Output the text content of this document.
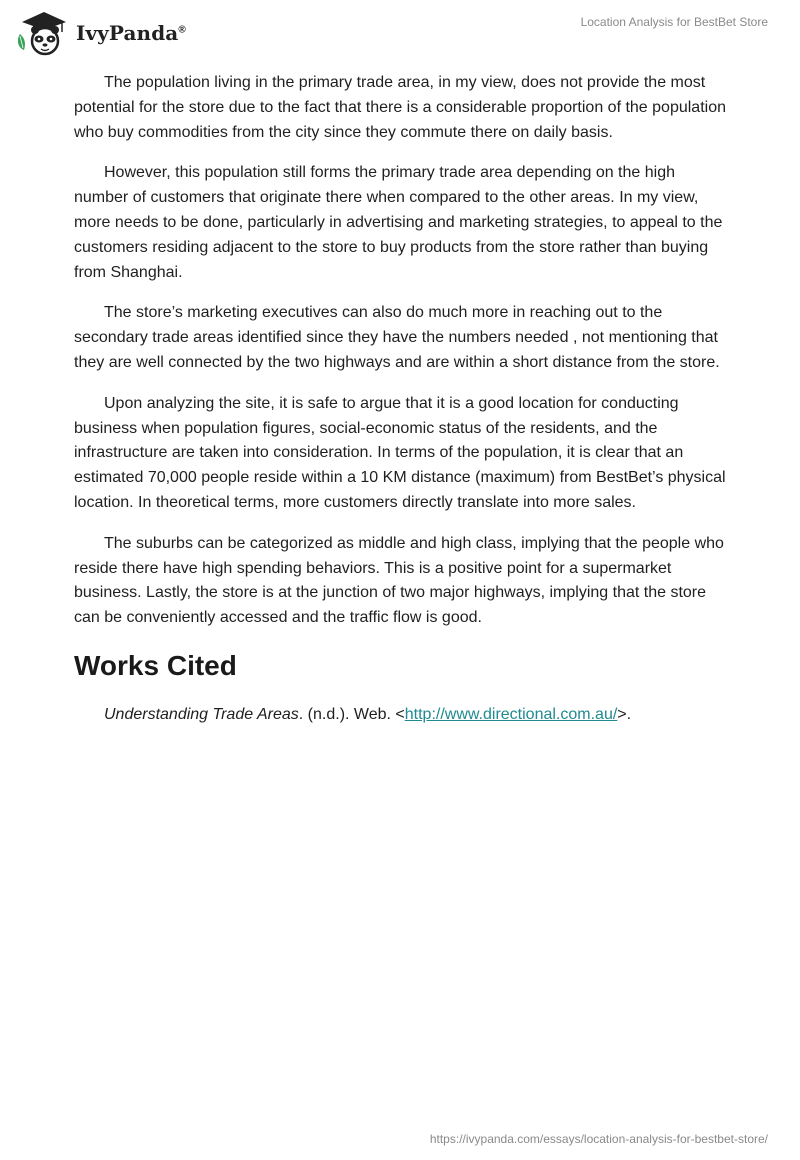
IvyPanda®
Location Analysis for BestBet Store

The population living in the primary trade area, in my view, does not provide the most potential for the store due to the fact that there is a considerable proportion of the population who buy commodities from the city since they commute there on daily basis.

However, this population still forms the primary trade area depending on the high number of customers that originate there when compared to the other areas. In my view, more needs to be done, particularly in advertising and marketing strategies, to appeal to the customers residing adjacent to the store to buy products from the store rather than buying from Shanghai.

The store’s marketing executives can also do much more in reaching out to the secondary trade areas identified since they have the numbers needed , not mentioning that they are well connected by the two highways and are within a short distance from the store.

Upon analyzing the site, it is safe to argue that it is a good location for conducting business when population figures, social-economic status of the residents, and the infrastructure are taken into consideration. In terms of the population, it is clear that an estimated 70,000 people reside within a 10 KM distance (maximum) from BestBet’s physical location. In theoretical terms, more customers directly translate into more sales.

The suburbs can be categorized as middle and high class, implying that the people who reside there have high spending behaviors. This is a positive point for a supermarket business. Lastly, the store is at the junction of two major highways, implying that the store can be conveniently accessed and the traffic flow is good.

Works Cited
Understanding Trade Areas. (n.d.). Web. <http://www.directional.com.au/>.
https://ivypanda.com/essays/location-analysis-for-bestbet-store/
